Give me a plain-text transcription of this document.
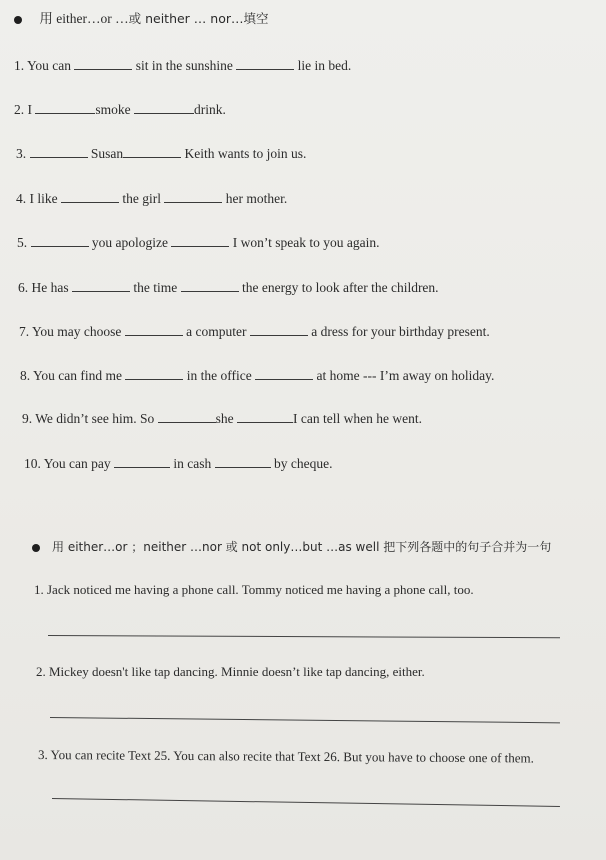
用 either…or …或 neither … nor…填空
1. You can	sit in the sunshine	lie in bed.
2. I	smoke	drink.
3.	Susan	Keith wants to join us.
4. I like	the girl	her mother.
5.	you apologize	I won’t speak to you again.
6. He has	the time	the energy to look after the children.
7. You may choose	a computer	a dress for your birthday present.
8. You can find me	in the office	at home --- I’m away on holiday.
9. We didn’t see him. So	she	I can tell when he went.
10. You can pay	in cash	by cheque.
用 either…or ；neither …nor 或 not only…but …as well 把下列各题中的句子合并为一句
1. Jack noticed me having a phone call. Tommy noticed me having a phone call, too.
2. Mickey doesn't like tap dancing. Minnie doesn’t like tap dancing, either.
3. You can recite Text 25. You can also recite that Text 26. But you have to choose one of them.
